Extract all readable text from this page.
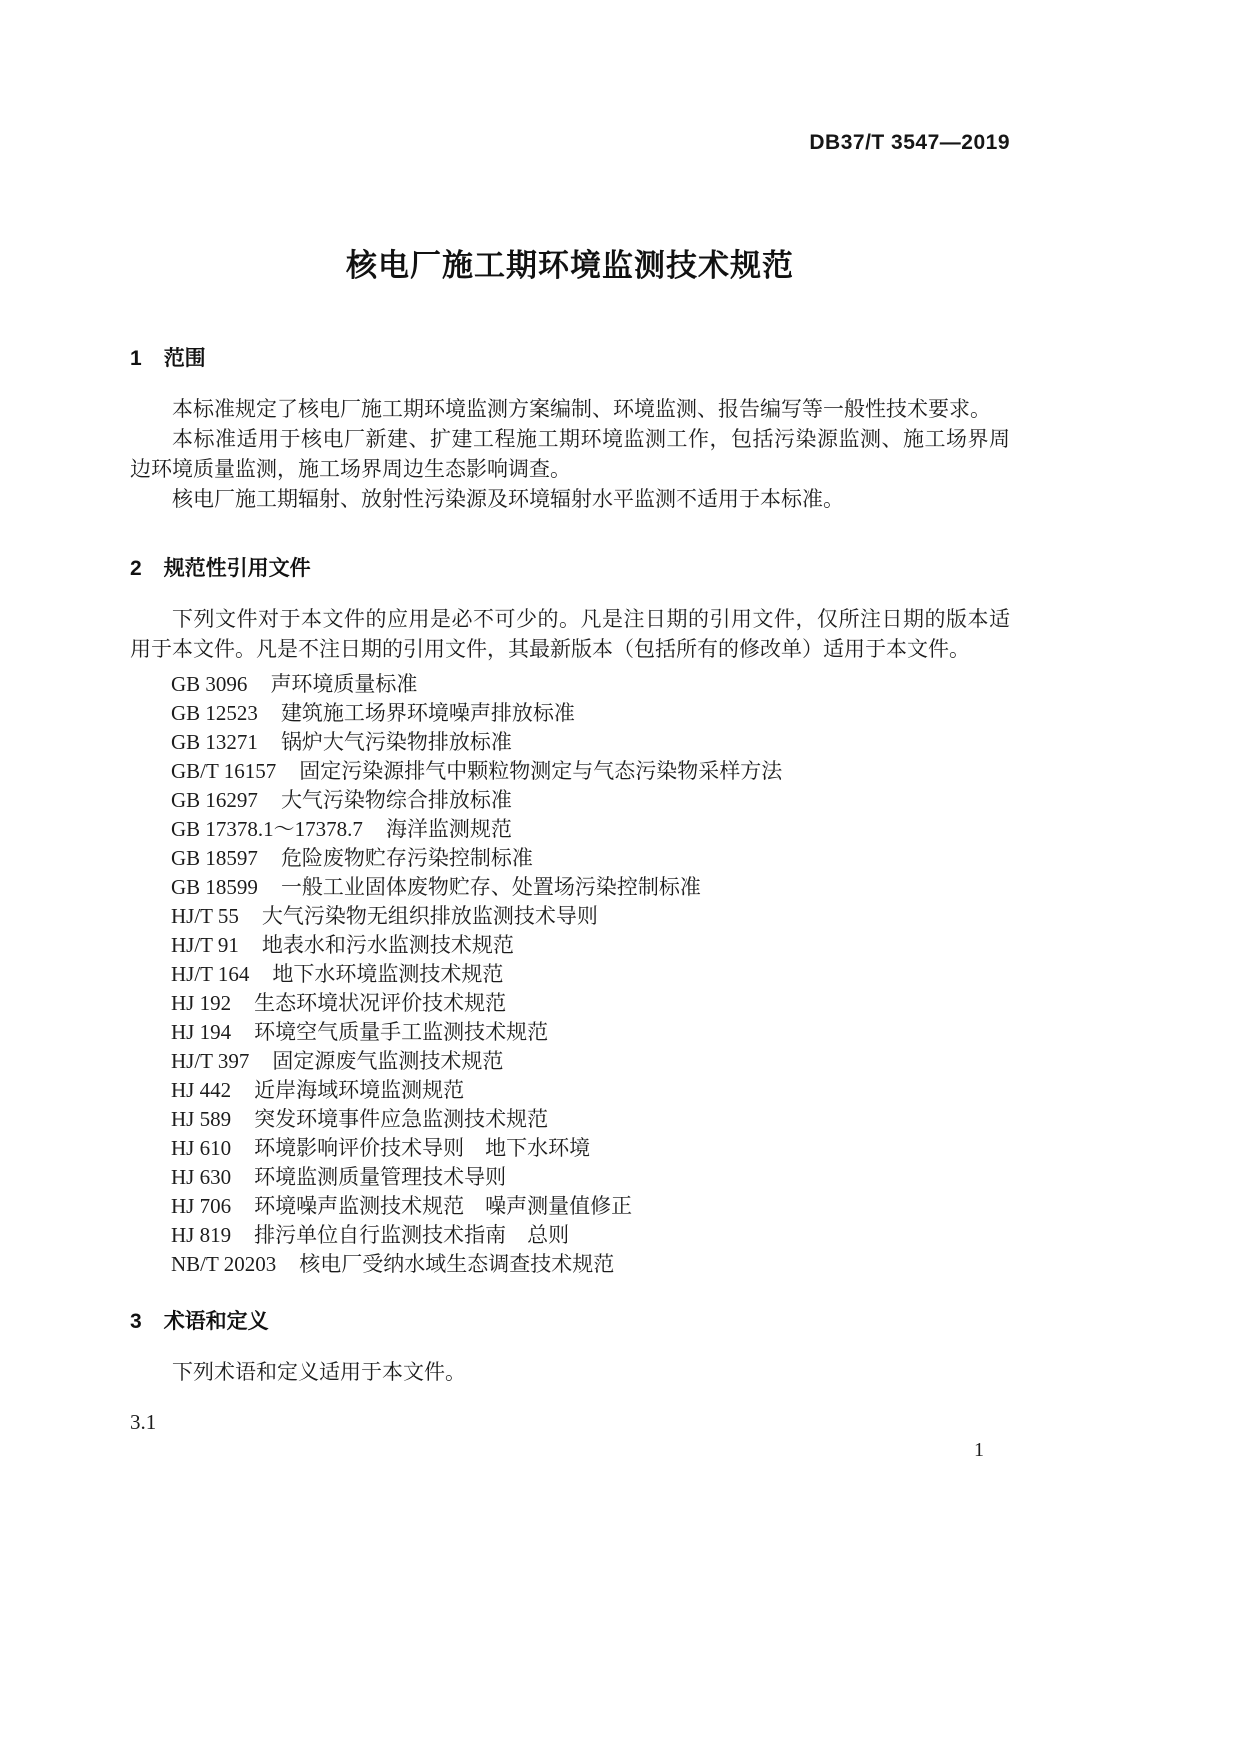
DB37/T 3547—2019
核电厂施工期环境监测技术规范
1 范围

本标准规定了核电厂施工期环境监测方案编制、环境监测、报告编写等一般性技术要求。

本标准适用于核电厂新建、扩建工程施工期环境监测工作，包括污染源监测、施工场界周边环境质量监测，施工场界周边生态影响调查。

核电厂施工期辐射、放射性污染源及环境辐射水平监测不适用于本标准。

2 规范性引用文件

下列文件对于本文件的应用是必不可少的。凡是注日期的引用文件，仅所注日期的版本适用于本文件。凡是不注日期的引用文件，其最新版本（包括所有的修改单）适用于本文件。

GB 3096 声环境质量标准
GB 12523 建筑施工场界环境噪声排放标准
GB 13271 锅炉大气污染物排放标准
GB/T 16157 固定污染源排气中颗粒物测定与气态污染物采样方法
GB 16297 大气污染物综合排放标准
GB 17378.1～17378.7 海洋监测规范
GB 18597 危险废物贮存污染控制标准
GB 18599 一般工业固体废物贮存、处置场污染控制标准
HJ/T 55 大气污染物无组织排放监测技术导则
HJ/T 91 地表水和污水监测技术规范
HJ/T 164 地下水环境监测技术规范
HJ 192 生态环境状况评价技术规范
HJ 194 环境空气质量手工监测技术规范
HJ/T 397 固定源废气监测技术规范
HJ 442 近岸海域环境监测规范
HJ 589 突发环境事件应急监测技术规范
HJ 610 环境影响评价技术导则　地下水环境
HJ 630 环境监测质量管理技术导则
HJ 706 环境噪声监测技术规范　噪声测量值修正
HJ 819 排污单位自行监测技术指南　总则
NB/T 20203 核电厂受纳水域生态调查技术规范
3 术语和定义

下列术语和定义适用于本文件。

3.1
1
